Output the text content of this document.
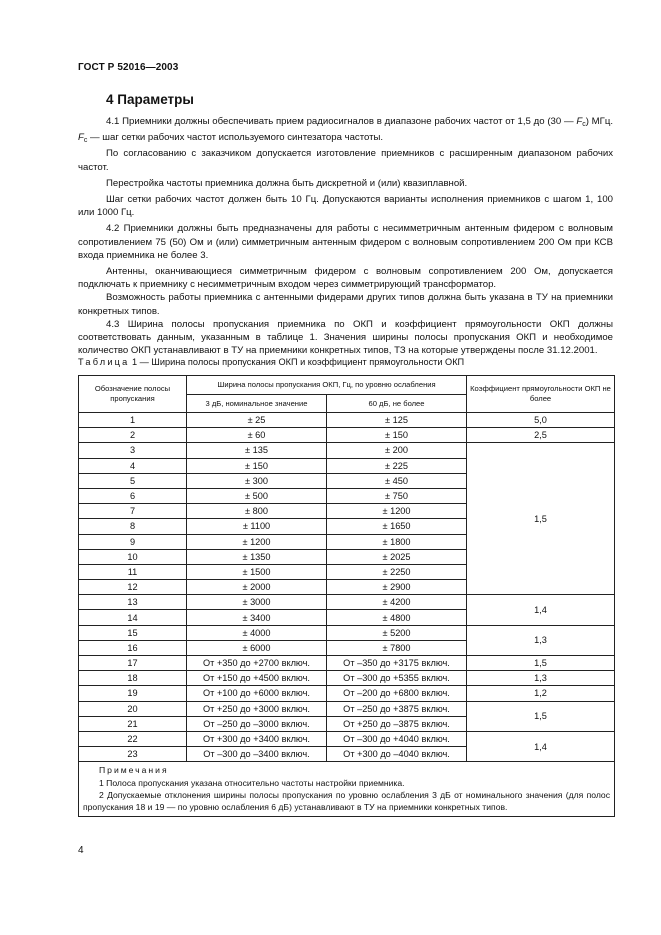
ГОСТ Р 52016—2003
4 Параметры

4.1 Приемники должны обеспечивать прием радиосигналов в диапазоне рабочих частот от 1,5 до (30 — $F_с$) МГц. $F_с$ — шаг сетки рабочих частот используемого синтезатора частоты.

По согласованию с заказчиком допускается изготовление приемников с расширенным диапазоном рабочих частот.

Перестройка частоты приемника должна быть дискретной и (или) квазиплавной.

Шаг сетки рабочих частот должен быть 10 Гц. Допускаются варианты исполнения приемников с шагом 1, 100 или 1000 Гц.

4.2 Приемники должны быть предназначены для работы с несимметричным антенным фидером с волновым сопротивлением 75 (50) Ом и (или) симметричным антенным фидером с волновым сопротивлением 200 Ом при КСВ входа приемника не более 3.

Антенны, оканчивающиеся симметричным фидером с волновым сопротивлением 200 Ом, допускается подключать к приемнику с несимметричным входом через симметрирующий трансформатор.

Возможность работы приемника с антенными фидерами других типов должна быть указана в ТУ на приемники конкретных типов.

4.3 Ширина полосы пропускания приемника по ОКП и коэффициент прямоугольности ОКП должны соответствовать данным, указанным в таблице 1. Значения ширины полосы пропускания ОКП и необходимое количество ОКП устанавливают в ТУ на приемники конкретных типов, ТЗ на которые утверждены после 31.12.2001.

Таблица 1 — Ширина полосы пропускания ОКП и коэффициент прямоугольности ОКП
Обозначение полосы пропускания	Ширина полосы пропускания ОКП, Гц, по уровню ослабления		Коэффициент прямоугольности ОКП не более
	3 дБ, номинальное значение	60 дБ, не более	
1	± 25	± 125	5,0
2	± 60	± 150	2,5
3	± 135	± 200	1,5
4	± 150	± 225	
5	± 300	± 450	
6	± 500	± 750	
7	± 800	± 1200	
8	± 1100	± 1650	
9	± 1200	± 1800	
10	± 1350	± 2025	
11	± 1500	± 2250	
12	± 2000	± 2900	
13	± 3000	± 4200	1,4
14	± 3400	± 4800	
15	± 4000	± 5200	1,3
16	± 6000	± 7800	
17	От +350 до +2700 включ.	От –350 до +3175 включ.	1,5
18	От +150 до +4500 включ.	От –300 до +5355 включ.	1,3
19	От +100 до +6000 включ.	От –200 до +6800 включ.	1,2
20	От +250 до +3000 включ.	От –250 до +3875 включ.	1,5
21	От –250 до –3000 включ.	От +250 до –3875 включ.	
22	От +300 до +3400 включ.	От –300 до +4040 включ.	1,4
23	От –300 до –3400 включ.	От +300 до –4040 включ.	

Примечания
1 Полоса пропускания указана относительно частоты настройки приемника.
2 Допускаемые отклонения ширины полосы пропускания по уровню ослабления 3 дБ от номинального значения (для полос пропускания 18 и 19 — по уровню ослабления 6 дБ) устанавливают в ТУ на приемники конкретных типов.			
4
